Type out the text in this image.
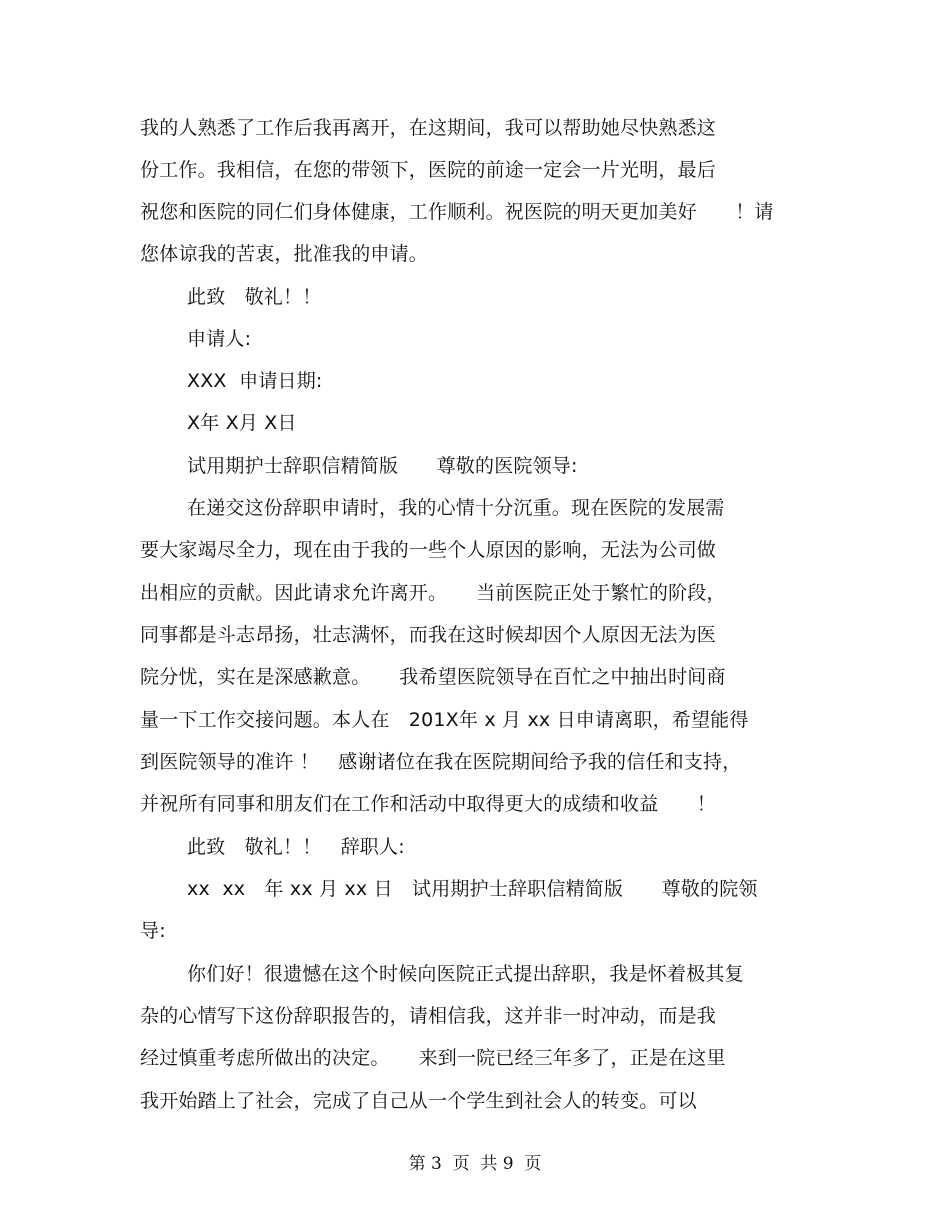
我的人熟悉了工作后我再离开，在这期间，我可以帮助她尽快熟悉这
份工作。我相信，在您的带领下，医院的前途一定会一片光明，最后
祝您和医院的同仁们身体健康，工作顺利。祝医院的明天更加美好　　！请
您体谅我的苦衷，批准我的申请。
此致　敬礼！！
申请人:
XXX  申请日期:
X年 X月 X日
试用期护士辞职信精简版　　尊敬的医院领导:
在递交这份辞职申请时，我的心情十分沉重。现在医院的发展需
要大家竭尽全力，现在由于我的一些个人原因的影响，无法为公司做
出相应的贡献。因此请求允许离开。　　当前医院正处于繁忙的阶段，
同事都是斗志昂扬，壮志满怀，而我在这时候却因个人原因无法为医
院分忧，实在是深感歉意。　　我希望医院领导在百忙之中抽出时间商
量一下工作交接问题。本人在　201X年 x 月 xx 日申请离职，希望能得
到医院领导的准许 ！　感谢诸位在我在医院期间给予我的信任和支持，
并祝所有同事和朋友们在工作和活动中取得更大的成绩和收益　　！
此致　敬礼！！　辞职人:
xx  xx　年 xx 月 xx 日　试用期护士辞职信精简版　　尊敬的院领
导:
你们好！很遗憾在这个时候向医院正式提出辞职，我是怀着极其复
杂的心情写下这份辞职报告的，请相信我，这并非一时冲动，而是我
经过慎重考虑所做出的决定。　　来到一院已经三年多了，正是在这里
我开始踏上了社会，完成了自己从一个学生到社会人的转变。可以
第 3  页  共 9  页
